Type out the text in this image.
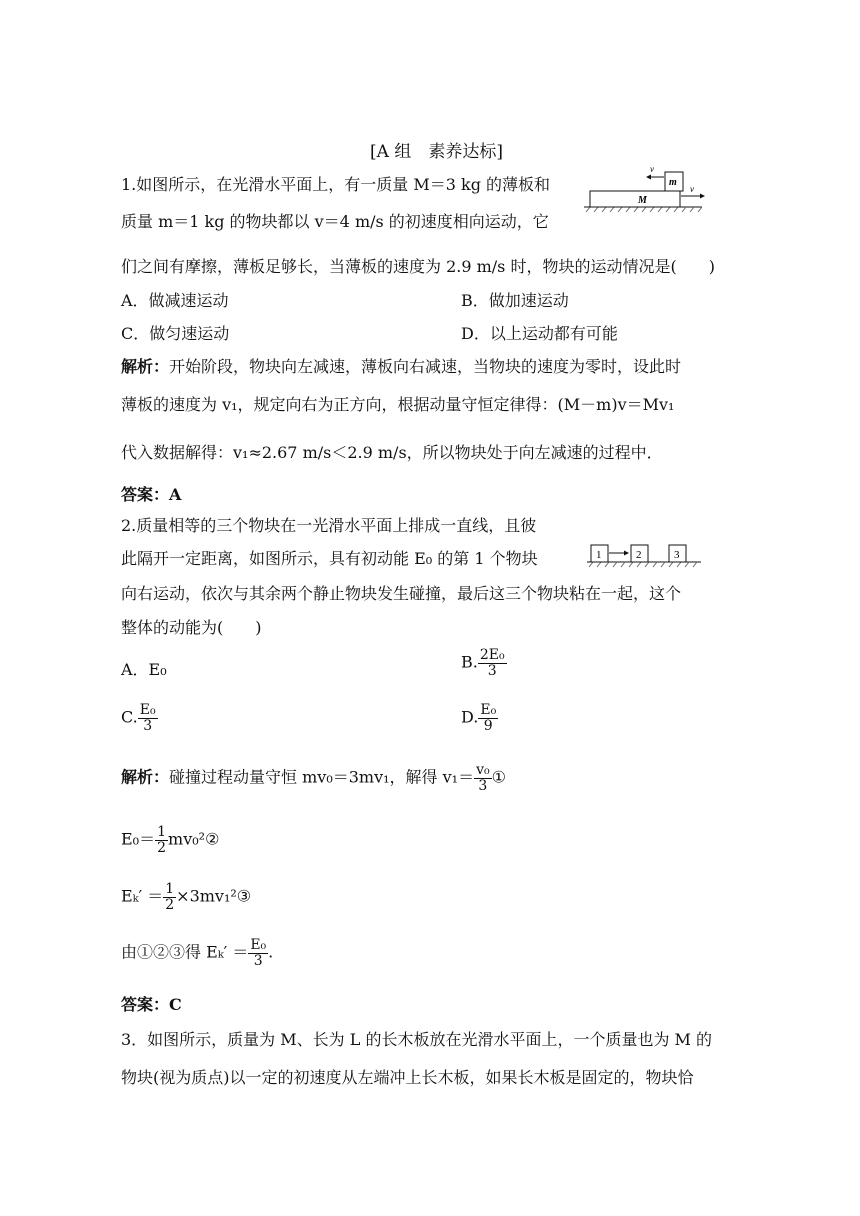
[A 组　素养达标]
1.如图所示，在光滑水平面上，有一质量 M＝3 kg 的薄板和
质量 m＝1 kg 的物块都以 v＝4 m/s 的初速度相向运动，它
们之间有摩擦，薄板足够长，当薄板的速度为 2.9 m/s 时，物块的运动情况是(　　)
M
m
v
v
A．做减速运动	B．做加速运动
C．做匀速运动	D．以上运动都有可能
解析：开始阶段，物块向左减速，薄板向右减速，当物块的速度为零时，设此时
薄板的速度为 v₁，规定向右为正方向，根据动量守恒定律得：(M－m)v＝Mv₁
代入数据解得：v₁≈2.67 m/s＜2.9 m/s，所以物块处于向左减速的过程中．
答案：A
2.质量相等的三个物块在一光滑水平面上排成一直线，且彼
此隔开一定距离，如图所示，具有初动能 E₀ 的第 1 个物块
向右运动，依次与其余两个静止物块发生碰撞，最后这三个物块粘在一起，这个
整体的动能为(　　)
1	2	3
A．E₀	B. $\frac{\text{2E₀}}{3}$
C. $\frac{\text{E₀}}{3}$	D. $\frac{\text{E₀}}{9}$
解析：碰撞过程动量守恒 mv₀＝3mv₁，解得 $v_1= \frac{\text{v₀}}{3}$ ①
$E_0= \frac{1}{2}$ mv₀²②
$E_k' = \frac{1}{2}$ ×3mv₁²③
由①②③得 $E_k' = \frac{\text{E₀}}{3}$ .
答案：C
3．如图所示，质量为 M、长为 L 的长木板放在光滑水平面上，一个质量也为 M 的
物块(视为质点)以一定的初速度从左端冲上长木板，如果长木板是固定的，物块恰
